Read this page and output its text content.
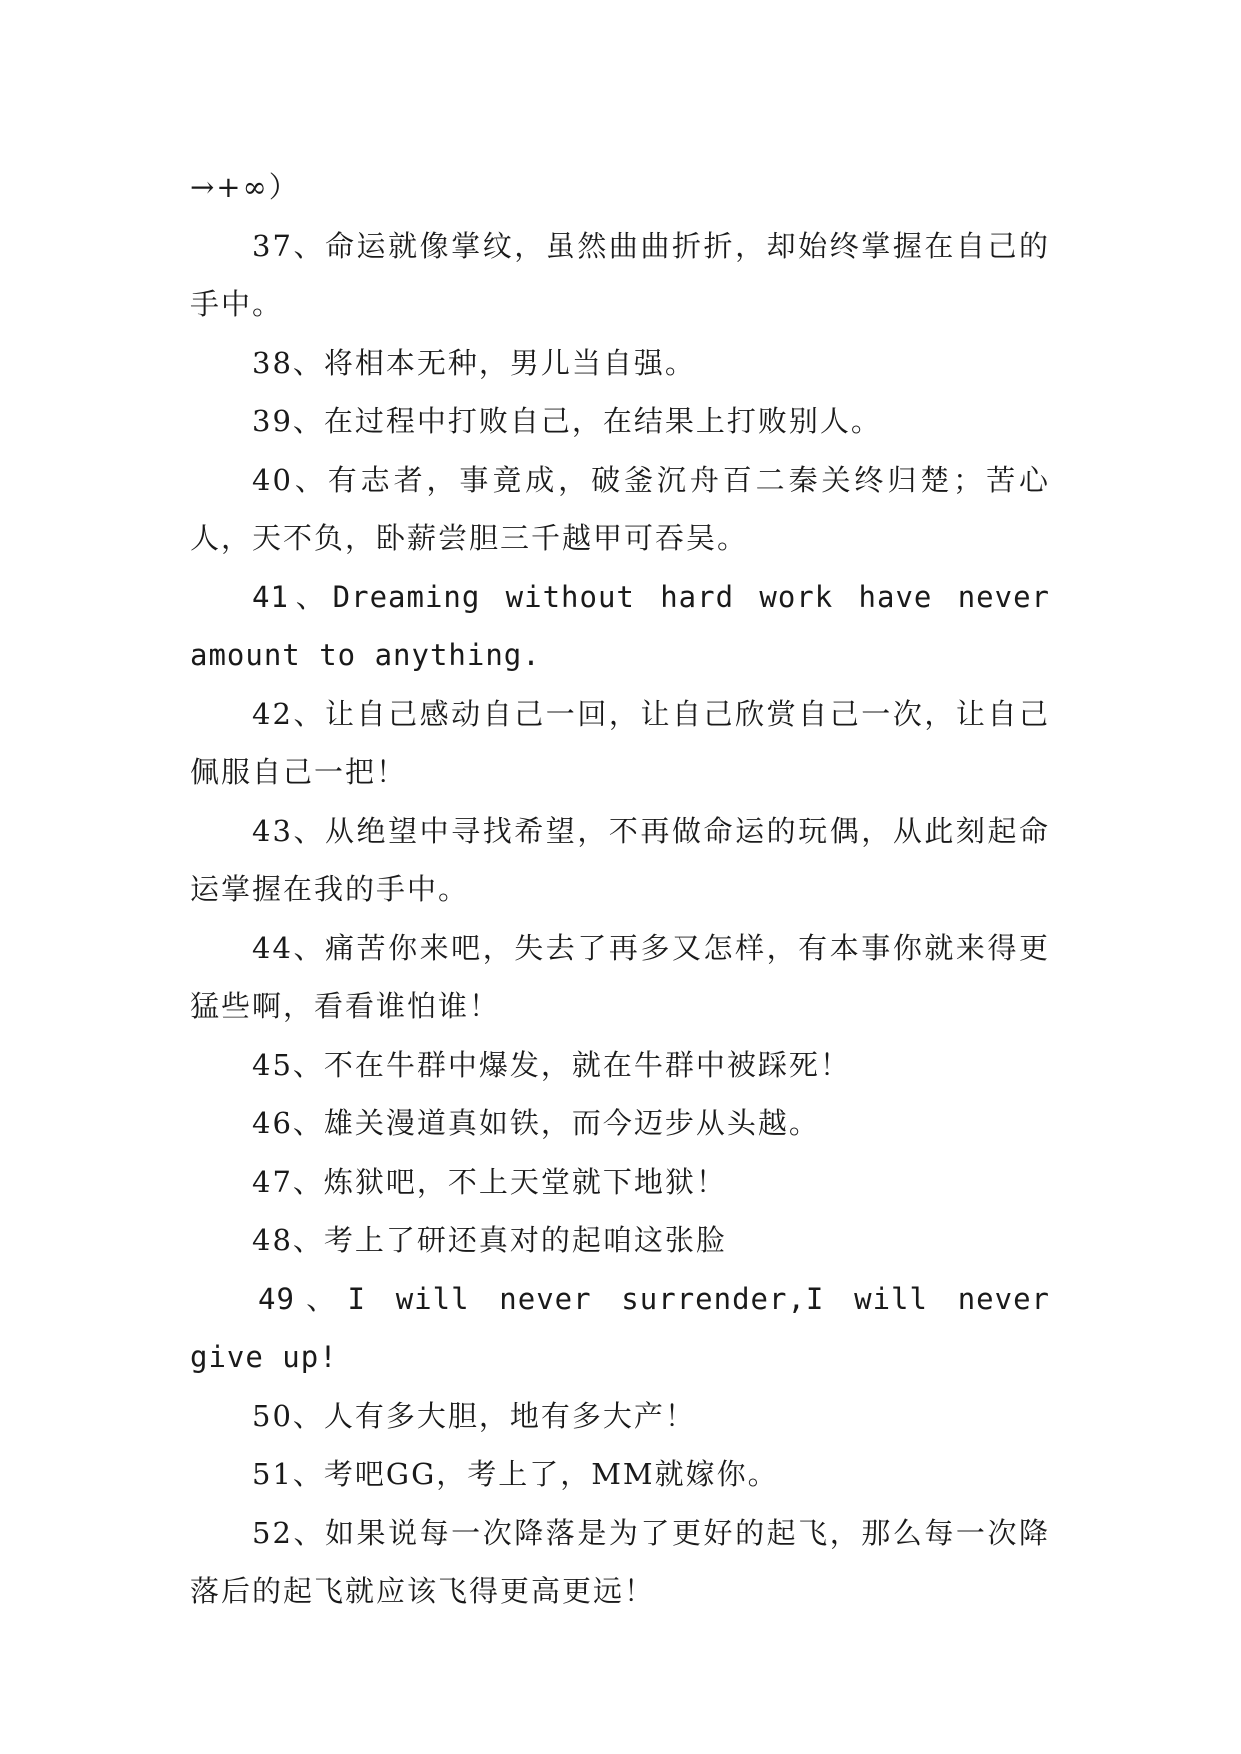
→+∞）

37、命运就像掌纹，虽然曲曲折折，却始终掌握在自己的手中。

38、将相本无种，男儿当自强。

39、在过程中打败自己，在结果上打败别人。

40、有志者，事竟成，破釜沉舟百二秦关终归楚；苦心人，天不负，卧薪尝胆三千越甲可吞吴。

41、Dreaming without hard work have never amount to anything.

42、让自己感动自己一回，让自己欣赏自己一次，让自己佩服自己一把！

43、从绝望中寻找希望，不再做命运的玩偶，从此刻起命运掌握在我的手中。

44、痛苦你来吧，失去了再多又怎样，有本事你就来得更猛些啊，看看谁怕谁！

45、不在牛群中爆发，就在牛群中被踩死！

46、雄关漫道真如铁，而今迈步从头越。

47、炼狱吧，不上天堂就下地狱！

48、考上了研还真对的起咱这张脸

49、I will never surrender,I will never give up!

50、人有多大胆，地有多大产！

51、考吧GG，考上了，MM就嫁你。

52、如果说每一次降落是为了更好的起飞，那么每一次降落后的起飞就应该飞得更高更远！
